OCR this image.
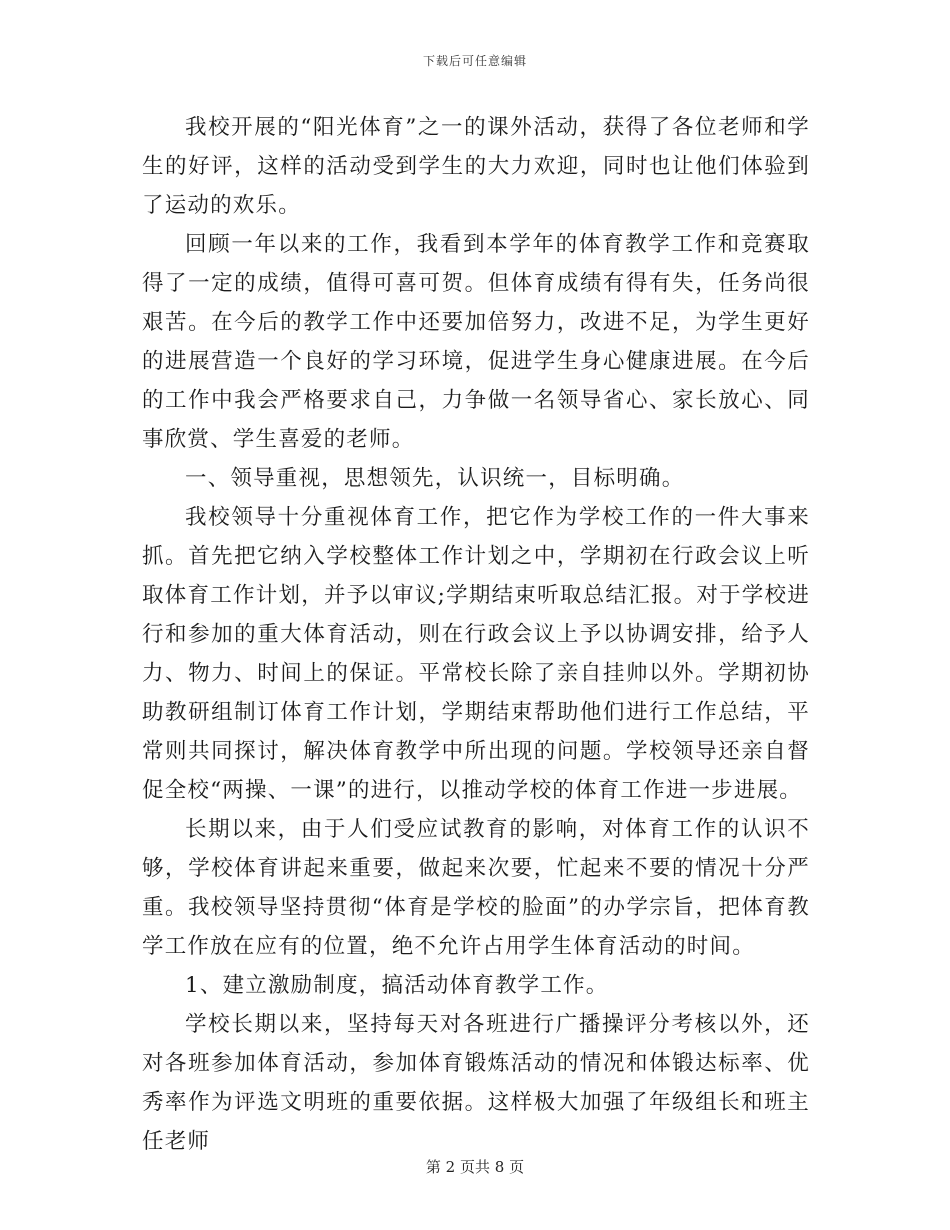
下载后可任意编辑

我校开展的“阳光体育”之一的课外活动，获得了各位老师和学生的好评，这样的活动受到学生的大力欢迎，同时也让他们体验到了运动的欢乐。

回顾一年以来的工作，我看到本学年的体育教学工作和竞赛取得了一定的成绩，值得可喜可贺。但体育成绩有得有失，任务尚很艰苦。在今后的教学工作中还要加倍努力，改进不足，为学生更好的进展营造一个良好的学习环境，促进学生身心健康进展。在今后的工作中我会严格要求自己，力争做一名领导省心、家长放心、同事欣赏、学生喜爱的老师。

一、领导重视，思想领先，认识统一，目标明确。

我校领导十分重视体育工作，把它作为学校工作的一件大事来抓。首先把它纳入学校整体工作计划之中，学期初在行政会议上听取体育工作计划，并予以审议;学期结束听取总结汇报。对于学校进行和参加的重大体育活动，则在行政会议上予以协调安排，给予人力、物力、时间上的保证。平常校长除了亲自挂帅以外。学期初协助教研组制订体育工作计划，学期结束帮助他们进行工作总结，平常则共同探讨，解决体育教学中所出现的问题。学校领导还亲自督促全校“两操、一课”的进行，以推动学校的体育工作进一步进展。

长期以来，由于人们受应试教育的影响，对体育工作的认识不够，学校体育讲起来重要，做起来次要，忙起来不要的情况十分严重。我校领导坚持贯彻“体育是学校的脸面”的办学宗旨，把体育教学工作放在应有的位置，绝不允许占用学生体育活动的时间。

1、建立激励制度，搞活动体育教学工作。

学校长期以来，坚持每天对各班进行广播操评分考核以外，还对各班参加体育活动，参加体育锻炼活动的情况和体锻达标率、优秀率作为评选文明班的重要依据。这样极大加强了年级组长和班主任老师

第 2 页共 8 页
